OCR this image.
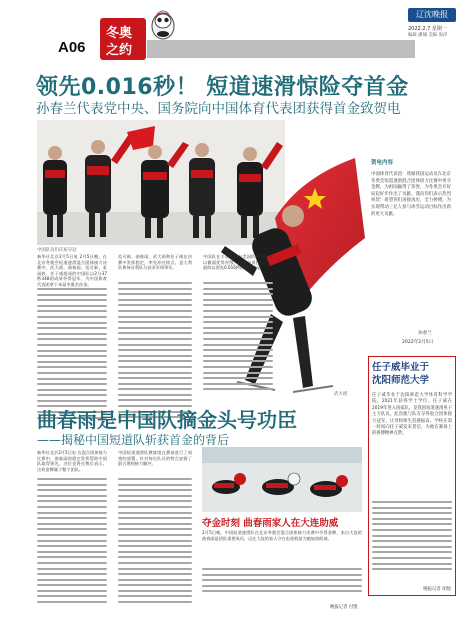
A06
冬奥
之约
辽沈晚报
2022.2.7 星期一
编辑 潘城 美编 海洋
领先0.016秒！ 短道速滑惊险夺首金
孙春兰代表党中央、国务院向中国体育代表团获得首金致贺电
中国队员们庆祝夺冠
武大靖
新华社北京2月5日电 2月5日晚，在北京冬奥会短道速滑混合团体接力决赛中，武大靖、曲春雨、范可新、张雨婷、任子威组成的中国队以2分37秒348的成绩夺得冠军，为中国体育代表团拿下本届冬奥会首金。
范可新、曲春雨、武大靖和任子威在决赛中发挥稳定，率先冲过终点。意大利队和匈牙利队分获亚军和季军。
中国队在半决赛中与美国队冲线时仅以微弱优势晋级，决赛中顶住压力，最终以领先0.016秒的优势夺冠。
贺电内容
中国体育代表团：欣闻我国运动员在北京冬奥会短道速滑混合团体接力比赛中勇夺金牌，为祖国赢得了荣誉，为冬奥会开好局起好步作出了贡献。谨向你们表示热烈祝贺！希望你们再接再厉，全力拼搏，为实现带动三亿人参与冰雪运动目标作出新的更大贡献。
孙春兰
2022年2月5日
任子威毕业于
沈阳师范大学
任子威毕业于沈阳师范大学体育科学学院，2021年获得学士学位。任子威在2019年进入国家队，是我国短道速滑男子主力队员。此次他与队友夺得混合团体接力冠军，让母校师生倍感振奋。学校在第一时间向任子威发来贺信，为他在赛场上的拼搏精神点赞。
晚报记者 胡悦
曲春雨是中国队摘金头号功臣
——揭秘中国短道队斩获首金的背后
新华社北京2月5日电 在混合团体接力比赛中，曲春雨的稳定发挥帮助中国队取得领先，这位老将在赛后表示，这枚金牌属于整个团队。
中国短道速滑队教练组在赛前进行了周密的部署，针对每位队员的特点安排了最合理的接力顺序。
夺金时刻 曲春雨家人在大连助威
2月5日晚，中国短道速滑队在北京冬奥会混合团体接力决赛中夺得金牌，来自大连的曲春雨是团队重要成员，远在大连的家人守在电视机前为她加油助威。
晚报记者 付凯
